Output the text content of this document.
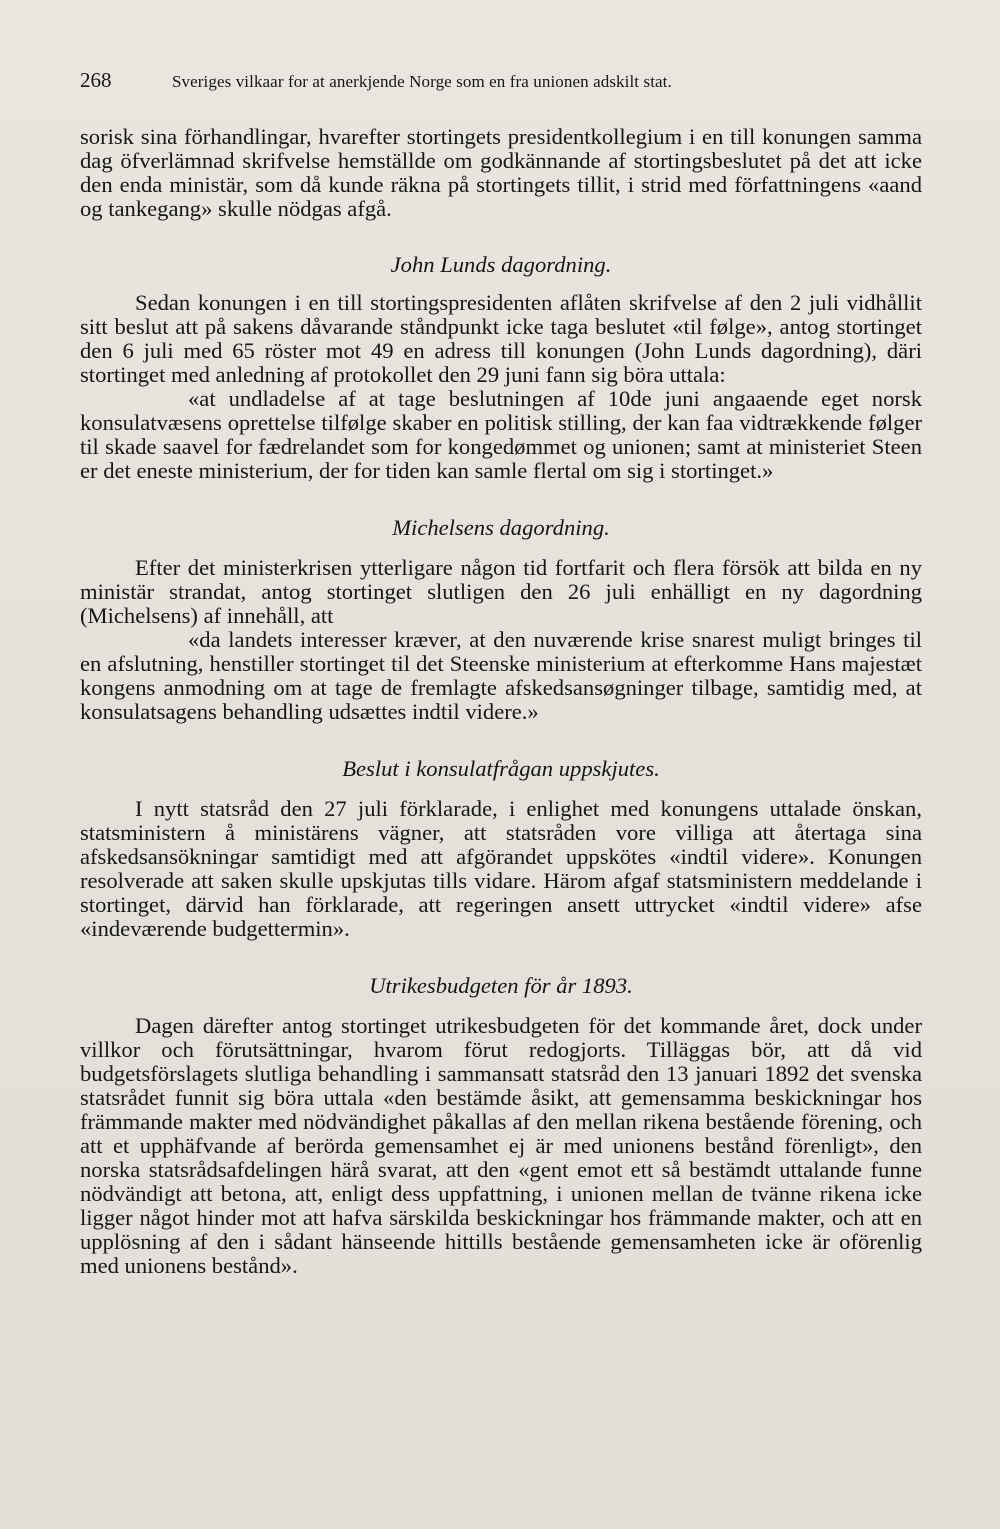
268	Sveriges vilkaar for at anerkjende Norge som en fra unionen adskilt stat.

sorisk sina förhandlingar, hvarefter stortingets presidentkollegium i en till konungen samma dag öfverlämnad skrifvelse hemställde om godkännande af stortingsbeslutet på det att icke den enda ministär, som då kunde räkna på stortingets tillit, i strid med författningens «aand og tankegang» skulle nödgas afgå.

John Lunds dagordning.

Sedan konungen i en till stortingspresidenten aflåten skrifvelse af den 2 juli vidhållit sitt beslut att på sakens dåvarande ståndpunkt icke taga beslutet «til følge», antog stortinget den 6 juli med 65 röster mot 49 en adress till konungen (John Lunds dagordning), däri stortinget med anledning af protokollet den 29 juni fann sig böra uttala:

«at undladelse af at tage beslutningen af 10de juni angaaende eget norsk konsulatvæsens oprettelse tilfølge skaber en politisk stilling, der kan faa vidtrækkende følger til skade saavel for fædrelandet som for kongedømmet og unionen; samt at ministeriet Steen er det eneste ministerium, der for tiden kan samle flertal om sig i stortinget.»

Michelsens dagordning.

Efter det ministerkrisen ytterligare någon tid fortfarit och flera försök att bilda en ny ministär strandat, antog stortinget slutligen den 26 juli enhälligt en ny dagordning (Michelsens) af innehåll, att

«da landets interesser kræver, at den nuværende krise snarest muligt bringes til en afslutning, henstiller stortinget til det Steenske ministerium at efterkomme Hans majestæt kongens anmodning om at tage de fremlagte afskedsansøgninger tilbage, samtidig med, at konsulatsagens behandling udsættes indtil videre.»

Beslut i konsulatfrågan uppskjutes.

I nytt statsråd den 27 juli förklarade, i enlighet med konungens uttalade önskan, statsministern å ministärens vägner, att statsråden vore villiga att återtaga sina afskedsansökningar samtidigt med att afgörandet uppskötes «indtil videre». Konungen resolverade att saken skulle upskjutas tills vidare. Härom afgaf statsministern meddelande i stortinget, därvid han förklarade, att regeringen ansett uttrycket «indtil videre» afse «indeværende budgettermin».

Utrikesbudgeten för år 1893.

Dagen därefter antog stortinget utrikesbudgeten för det kommande året, dock under villkor och förutsättningar, hvarom förut redogjorts. Tilläggas bör, att då vid budgetsförslagets slutliga behandling i sammansatt statsråd den 13 januari 1892 det svenska statsrådet funnit sig böra uttala «den bestämde åsikt, att gemensamma beskickningar hos främmande makter med nödvändighet påkallas af den mellan rikena bestående förening, och att et upphäfvande af berörda gemensamhet ej är med unionens bestånd förenligt», den norska statsrådsafdelingen härå svarat, att den «gent emot ett så bestämdt uttalande funne nödvändigt att betona, att, enligt dess uppfattning, i unionen mellan de tvänne rikena icke ligger något hinder mot att hafva särskilda beskickningar hos främmande makter, och att en upplösning af den i sådant hänseende hittills bestående gemensamheten icke är oförenlig med unionens bestånd».
